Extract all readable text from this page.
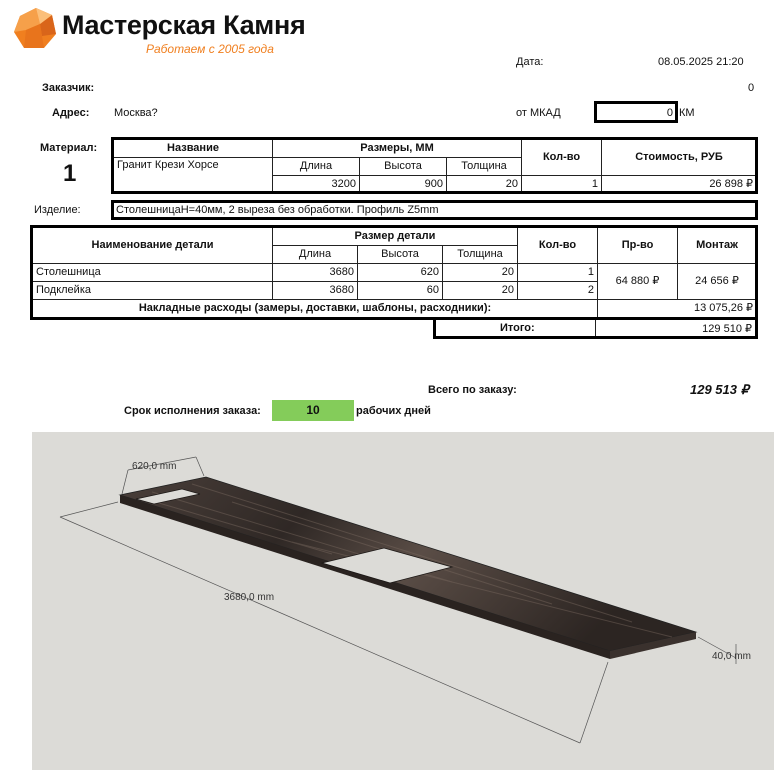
Мастерская Камня
Работаем с 2005 года
Дата:	08.05.2025 21:20
Заказчик:	0
Адрес: Москва?	от МКАД	0 КМ
Материал:
1
Название	Размеры, ММ			Кол-во	Стоимость, РУБ
Гранит Крези Хорсе	Длина	Высота	Толщина		
	3200	900	20	1	26 898 ₽
Изделие:	СтолешницаH=40мм, 2 выреза без обработки. Профиль Z5mm
Наименование детали	Размер детали			Кол-во	Пр-во	Монтаж
	Длина	Высота	Толщина			
Столешница	3680	620	20	1	64 880 ₽	24 656 ₽
Подклейка	3680	60	20	2		
Накладные расходы (замеры, доставки, шаблоны, расходники):					13 075,26 ₽	
Итого:	129 510 ₽
Всего по заказу:	129 513 ₽
Срок исполнения заказа:	10	рабочих дней
620,0 mm
3680,0 mm
40,0 mm
